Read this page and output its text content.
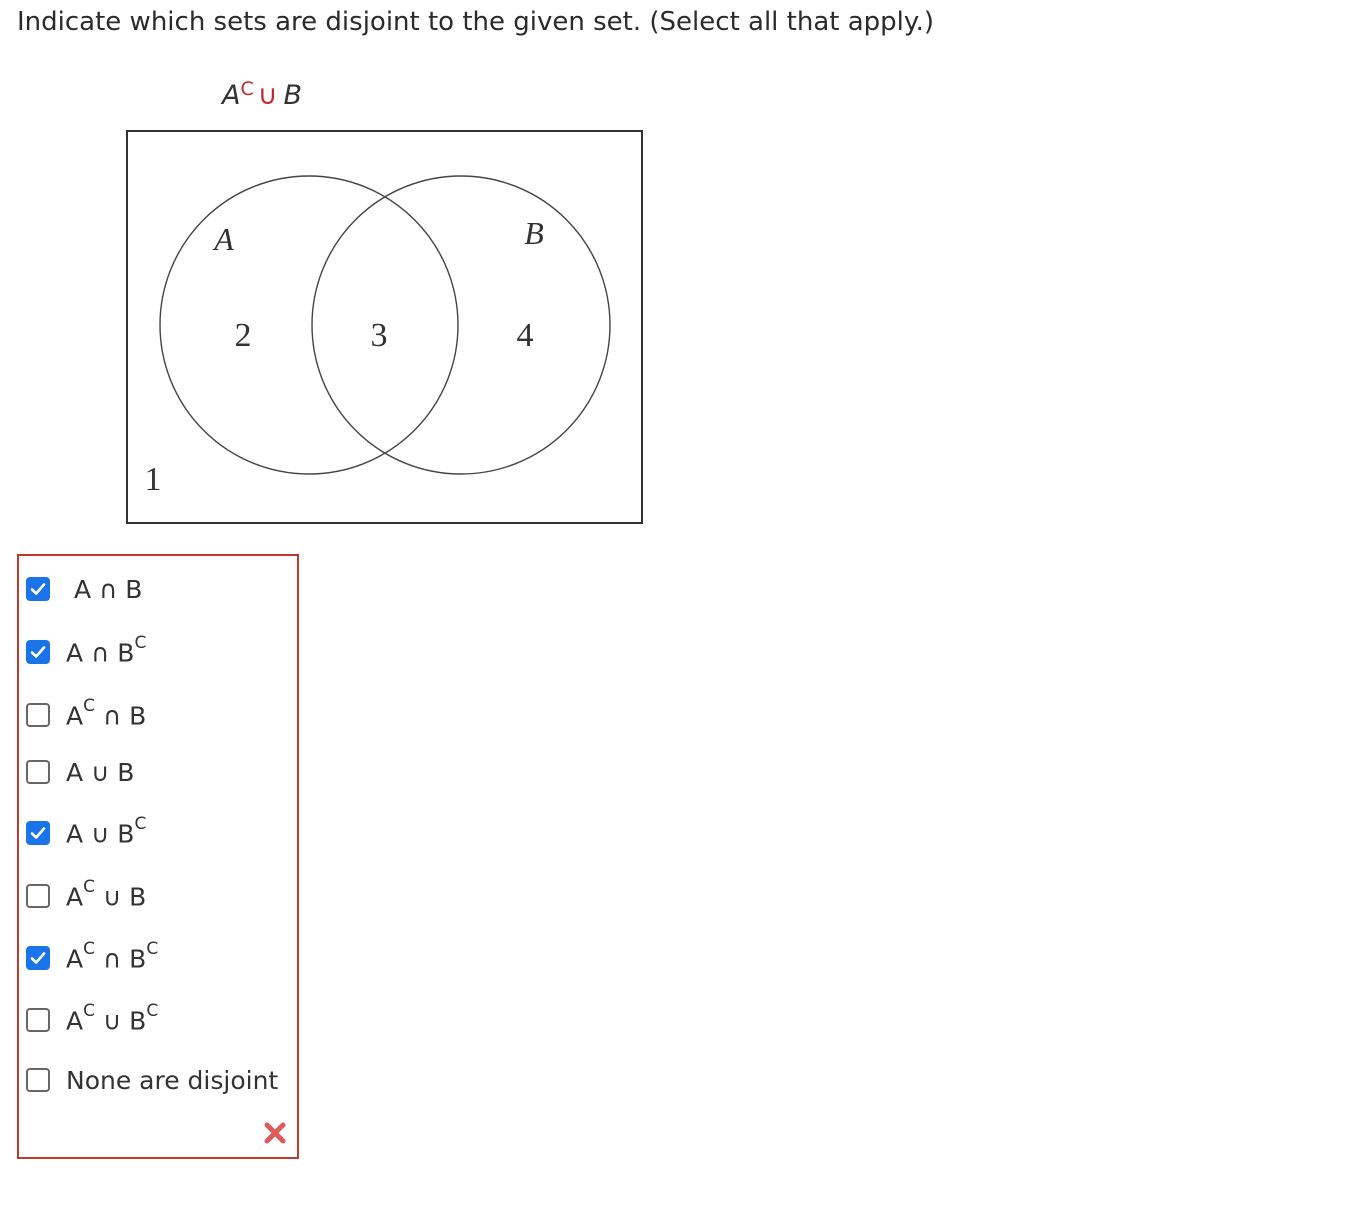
Indicate which sets are disjoint to the given set. (Select all that apply.)
$A^C$ ∪ B
A	B
2	3	4
1
A ∩ B
A ∩ $B^C$
$A^C$ ∩ B
A ∪ B
A ∪ $B^C$
$A^C$ ∪ B
$A^C$ ∩ $B^C$
$A^C$ ∪ $B^C$
None are disjoint
